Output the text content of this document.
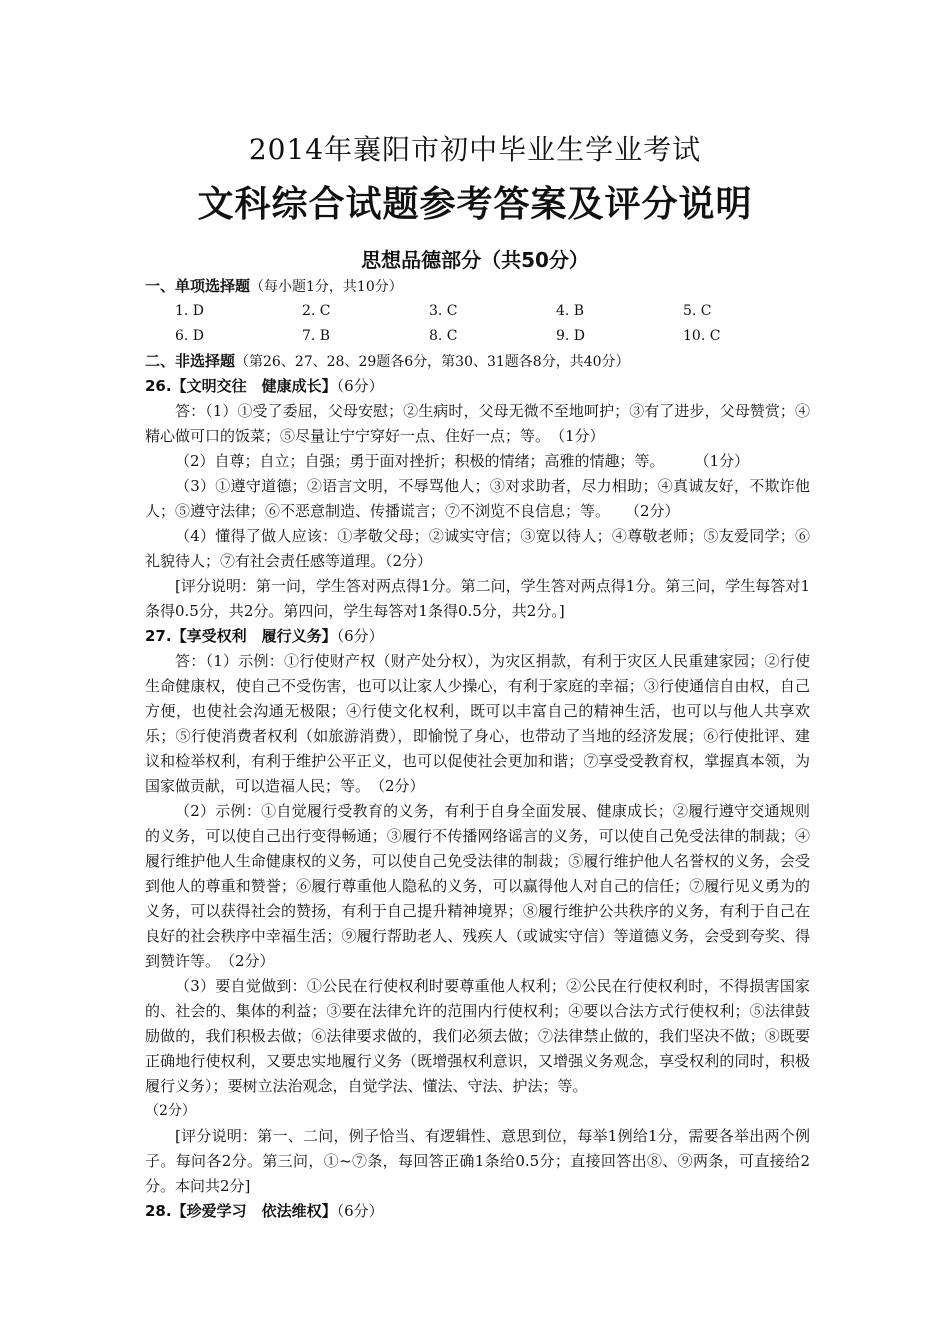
2014年襄阳市初中毕业生学业考试
文科综合试题参考答案及评分说明
思想品德部分（共50分）
一、单项选择题（每小题1分，共10分）
1. D	2. C	3. C	4. B	5. C
6. D	7. B	8. C	9. D	10. C
二、非选择题（第26、27、28、29题各6分，第30、31题各8分，共40分）
26.【文明交往　健康成长】（6分）

答：（1）①受了委屈，父母安慰；②生病时，父母无微不至地呵护；③有了进步，父母赞赏；④精心做可口的饭菜；⑤尽量让宁宁穿好一点、住好一点；等。　（1分）

（2）自尊；自立；自强；勇于面对挫折；积极的情绪；高雅的情趣；等。　　　（1分）

（3）①遵守道德；②语言文明，不辱骂他人；③对求助者，尽力相助；④真诚友好，不欺诈他人；⑤遵守法律；⑥不恶意制造、传播谎言；⑦不浏览不良信息；等。　　（2分）

（4）懂得了做人应该：①孝敬父母；②诚实守信；③宽以待人；④尊敬老师；⑤友爱同学；⑥礼貌待人；⑦有社会责任感等道理。（2分）

[评分说明：第一问，学生答对两点得1分。第二问，学生答对两点得1分。第三问，学生每答对1条得0.5分，共2分。第四问，学生每答对1条得0.5分，共2分。]

27.【享受权利　履行义务】（6分）

答：（1）示例：①行使财产权（财产处分权），为灾区捐款，有利于灾区人民重建家园；②行使生命健康权，使自己不受伤害，也可以让家人少操心，有利于家庭的幸福；③行使通信自由权，自己方便，也使社会沟通无极限；④行使文化权利，既可以丰富自己的精神生活，也可以与他人共享欢乐；⑤行使消费者权利（如旅游消费），即愉悦了身心，也带动了当地的经济发展；⑥行使批评、建议和检举权利，有利于维护公平正义，也可以促使社会更加和谐；⑦享受受教育权，掌握真本领，为国家做贡献，可以造福人民；等。　（2分）

（2）示例：①自觉履行受教育的义务，有利于自身全面发展、健康成长；②履行遵守交通规则的义务，可以使自己出行变得畅通；③履行不传播网络谣言的义务，可以使自己免受法律的制裁；④履行维护他人生命健康权的义务，可以使自己免受法律的制裁；⑤履行维护他人名誉权的义务，会受到他人的尊重和赞誉；⑥履行尊重他人隐私的义务，可以赢得他人对自己的信任；⑦履行见义勇为的义务，可以获得社会的赞扬，有利于自己提升精神境界；⑧履行维护公共秩序的义务，有利于自己在良好的社会秩序中幸福生活；⑨履行帮助老人、残疾人（或诚实守信）等道德义务，会受到夸奖、得到赞许等。　（2分）

（3）要自觉做到：①公民在行使权利时要尊重他人权利；②公民在行使权利时，不得损害国家的、社会的、集体的利益；③要在法律允许的范围内行使权利；④要以合法方式行使权利；⑤法律鼓励做的，我们积极去做；⑥法律要求做的，我们必须去做；⑦法律禁止做的，我们坚决不做；⑧既要正确地行使权利，又要忠实地履行义务（既增强权利意识，又增强义务观念，享受权利的同时，积极履行义务）；要树立法治观念，自觉学法、懂法、守法、护法；等。

（2分）

[评分说明：第一、二问，例子恰当、有逻辑性、意思到位，每举1例给1分，需要各举出两个例子。每问各2分。第三问，①~⑦条，每回答正确1条给0.5分；直接回答出⑧、⑨两条，可直接给2分。本问共2分]

28.【珍爱学习　依法维权】（6分）
